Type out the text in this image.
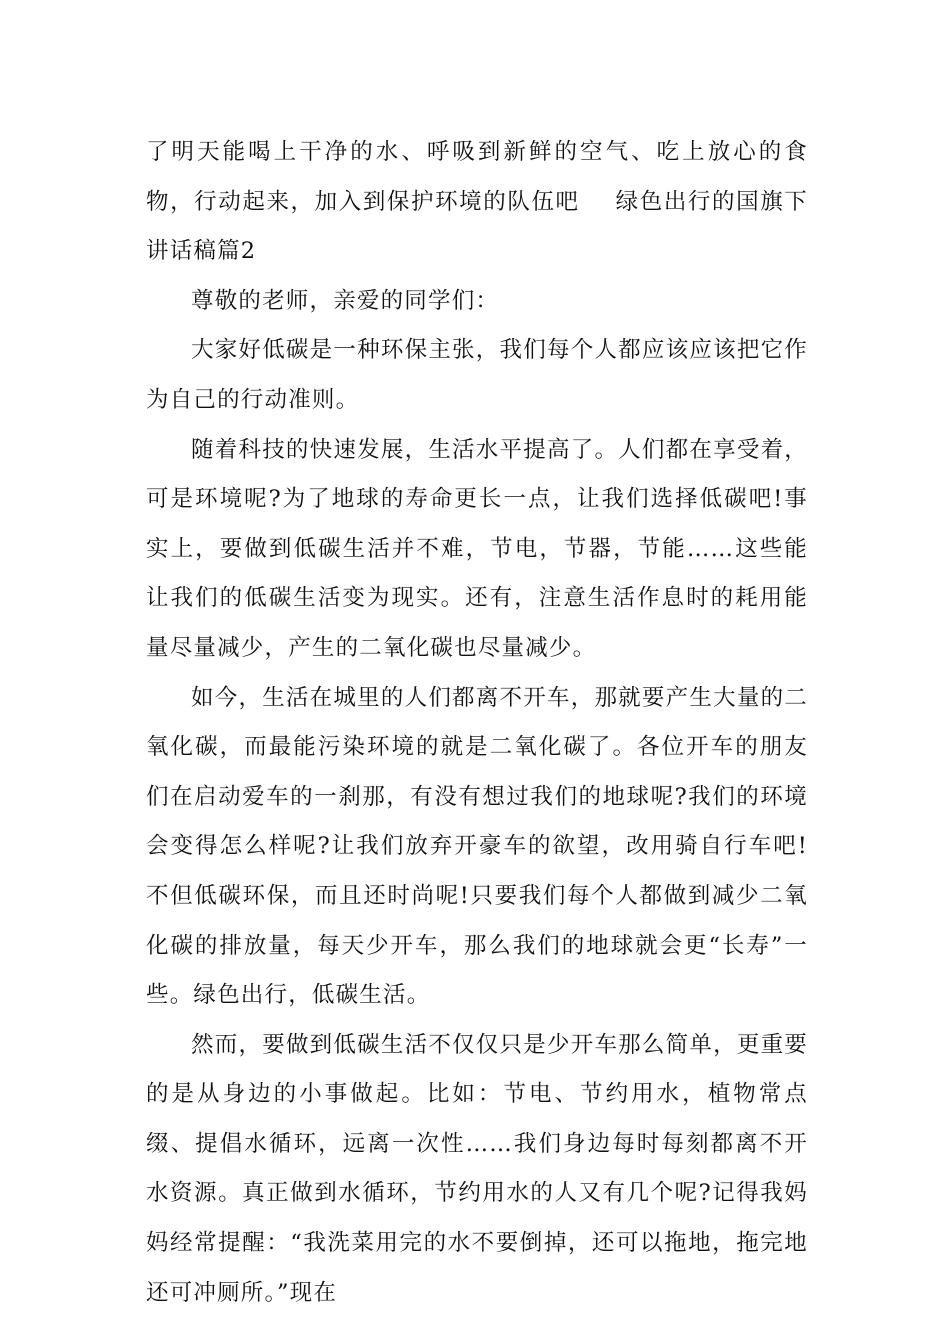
了明天能喝上干净的水、呼吸到新鲜的空气、吃上放心的食物，行动起来，加入到保护环境的队伍吧 绿色出行的国旗下讲话稿篇2

尊敬的老师，亲爱的同学们：

大家好低碳是一种环保主张，我们每个人都应该应该把它作为自己的行动准则。

随着科技的快速发展，生活水平提高了。人们都在享受着，可是环境呢?为了地球的寿命更长一点，让我们选择低碳吧!事实上，要做到低碳生活并不难，节电，节器，节能……这些能让我们的低碳生活变为现实。还有，注意生活作息时的耗用能量尽量减少，产生的二氧化碳也尽量减少。

如今，生活在城里的人们都离不开车，那就要产生大量的二氧化碳，而最能污染环境的就是二氧化碳了。各位开车的朋友们在启动爱车的一刹那，有没有想过我们的地球呢?我们的环境会变得怎么样呢?让我们放弃开豪车的欲望，改用骑自行车吧!不但低碳环保，而且还时尚呢!只要我们每个人都做到减少二氧化碳的排放量，每天少开车，那么我们的地球就会更“长寿”一些。绿色出行，低碳生活。

然而，要做到低碳生活不仅仅只是少开车那么简单，更重要的是从身边的小事做起。比如：节电、节约用水，植物常点缀、提倡水循环，远离一次性……我们身边每时每刻都离不开水资源。真正做到水循环，节约用水的人又有几个呢?记得我妈妈经常提醒：“我洗菜用完的水不要倒掉，还可以拖地，拖完地还可冲厕所。”现在
